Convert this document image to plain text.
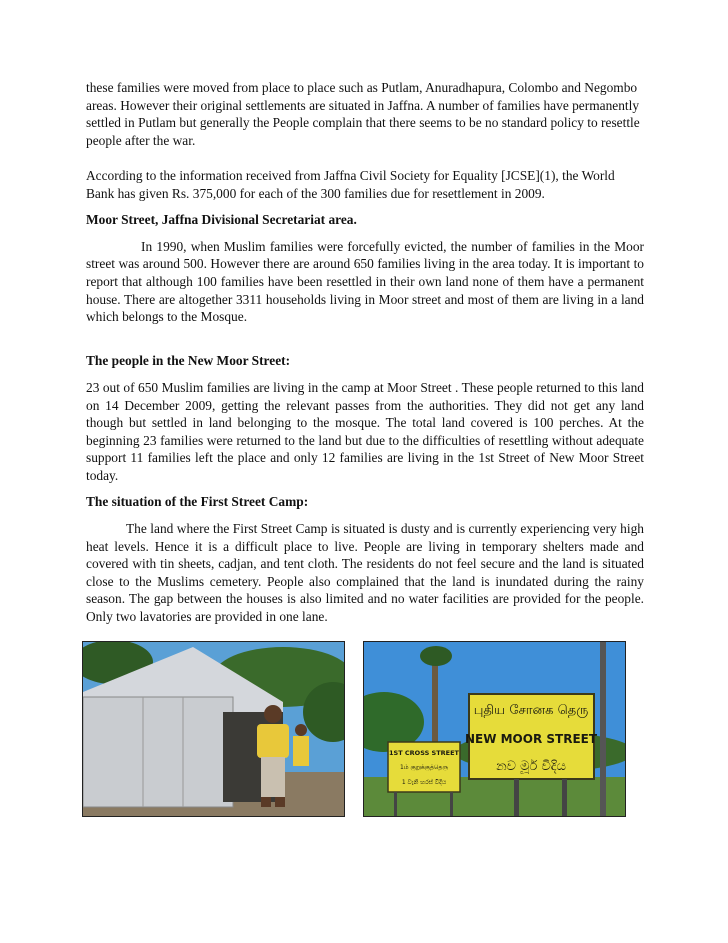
these families were moved from place to place such as Putlam, Anuradhapura, Colombo and Negombo areas. However their original settlements are situated in Jaffna. A number of families have permanently settled in Putlam but generally the People complain that there seems to be no standard policy to resettle people after the war.

According to the information received from Jaffna Civil Society for Equality [JCSE](1), the World Bank has given Rs. 375,000 for each of the 300 families due for resettlement in 2009.

Moor Street, Jaffna Divisional Secretariat area.

In 1990, when Muslim families were forcefully evicted, the number of families in the Moor street was around 500. However there are around 650 families living in the area today. It is important to report that although 100 families have been resettled in their own land none of them have a permanent house. There are altogether 3311 households living in Moor street and most of them are living in a land which belongs to the Mosque.

The people in the New Moor Street:

23 out of 650 Muslim families are living in the camp at Moor Street . These people returned to this land on 14 December 2009, getting the relevant passes from the authorities. They did not get any land though but settled in land belonging to the mosque. The total land covered is 100 perches. At the beginning 23 families were returned to the land but due to the difficulties of resettling without adequate support 11 families left the place and only 12 families are living in the 1st Street of New Moor Street today.

The situation of the First Street Camp:

The land where the First Street Camp is situated is dusty and is currently experiencing very high heat levels. Hence it is a difficult place to live. People are living in temporary shelters made and covered with tin sheets, cadjan, and tent cloth. The residents do not feel secure and the land is situated close to the Muslims cemetery. People also complained that the land is inundated during the rainy season. The gap between the houses is also limited and no water facilities are provided for the people. Only two lavatories are provided in one lane.

புதிய சோனக தெரு
NEW MOOR STREET
නව මූර් වීදිය
1ST CROSS STREET
1ம் குறுக்குத்தெரு
1 වැනි හරස් වීදිය
